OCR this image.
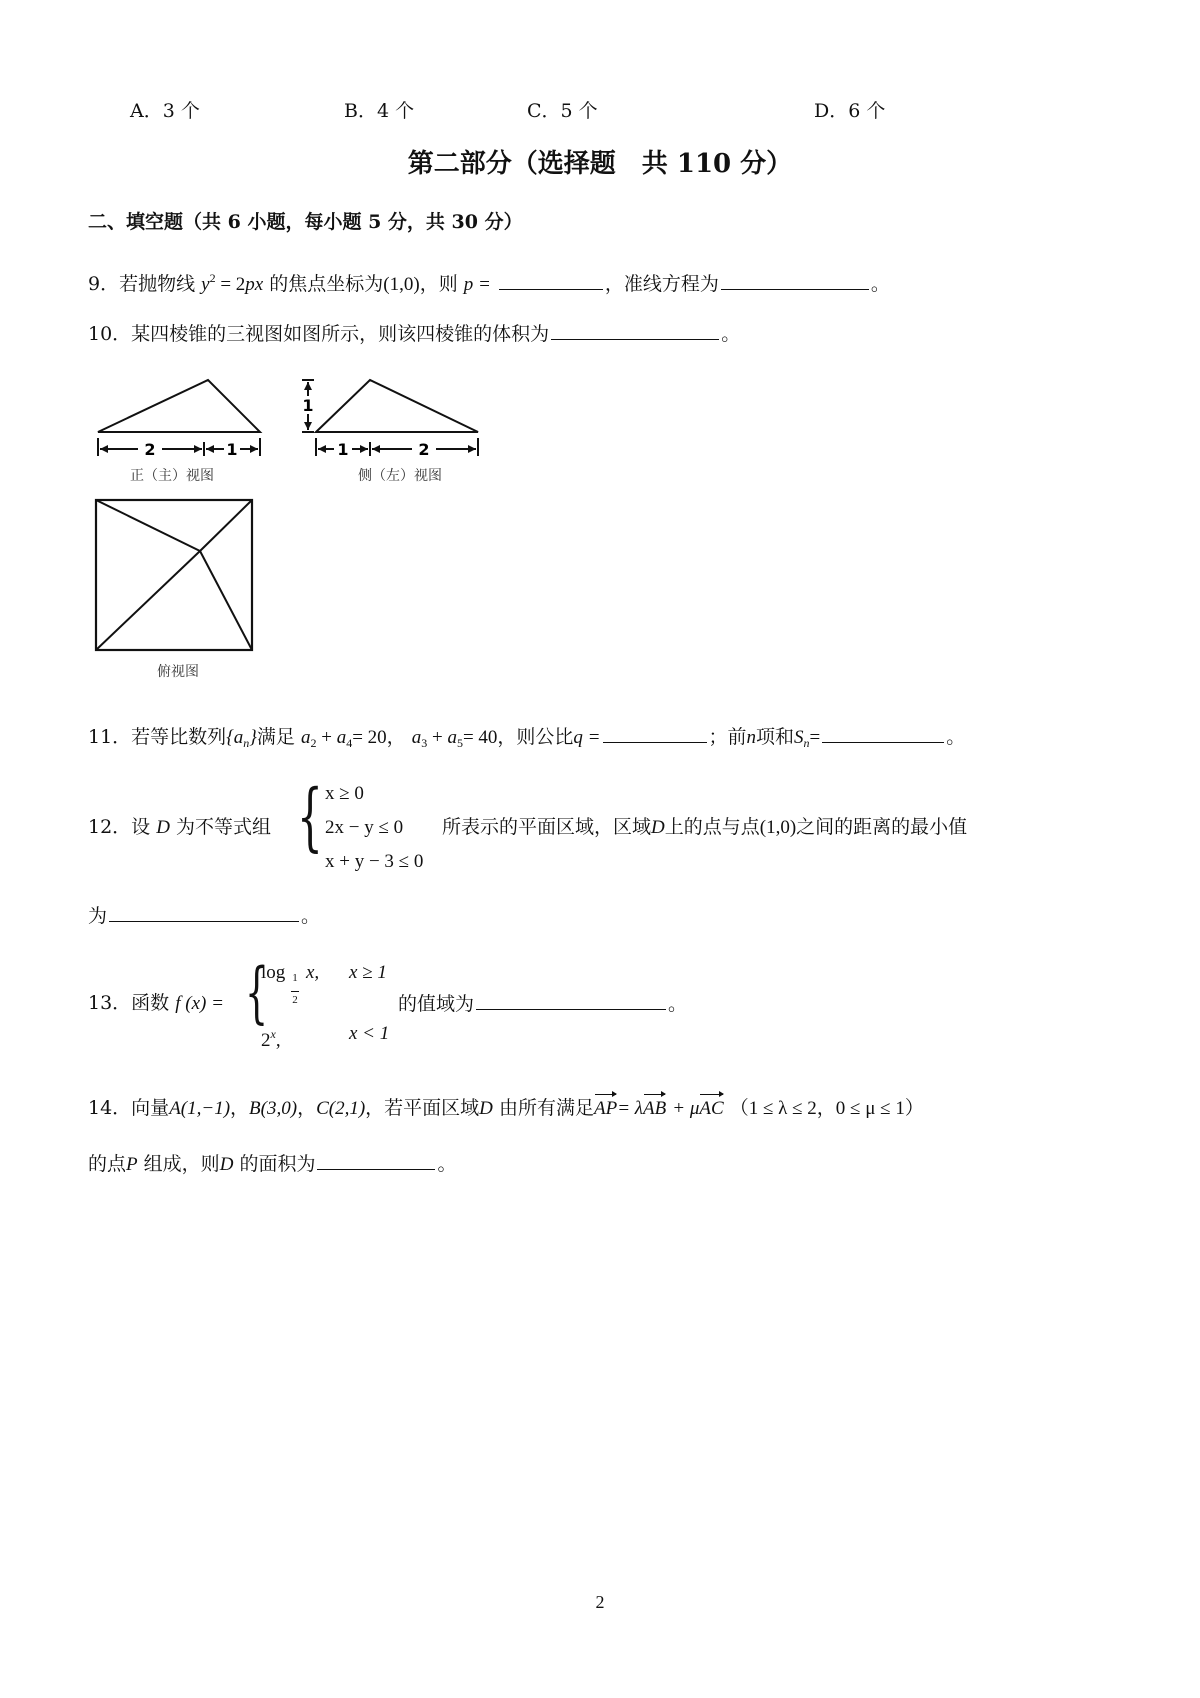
A．3 个	B．4 个	C．5 个	D．6 个
第二部分（选择题　共 110 分）
二、填空题（共 6 小题，每小题 5 分，共 30 分）
9．若抛物线 $y^2 = 2px$ 的焦点坐标为(1,0)，则 p =	，准线方程为	。
10．某四棱锥的三视图如图所示，则该四棱锥的体积为	。
2	1
正（主）视图
1
1	2
侧（左）视图
俯视图
11．若等比数列$\{a_n\}$满足 $a_2 + a_4= 20$， $a_3 + a_5= 40$，则公比q =	；前n项和$S_n=$	。
12．设 D 为不等式组 { x ≥ 0
2x − y ≤ 0
x + y − 3 ≤ 0
所表示的平面区域，区域D上的点与点(1,0)之间的距离的最小值
为	。
13．函数 f (x) = {
log 1

2
x, x ≥ 1
2$^x$,	x < 1
的值域为	。
14．向量A(1,−1)，B(3,0)，C(2,1)，若平面区域D 由所有满足AP= λAB + μAC （1 ≤ λ ≤ 2，0 ≤ μ ≤ 1）
的点P 组成，则D 的面积为	。
2
